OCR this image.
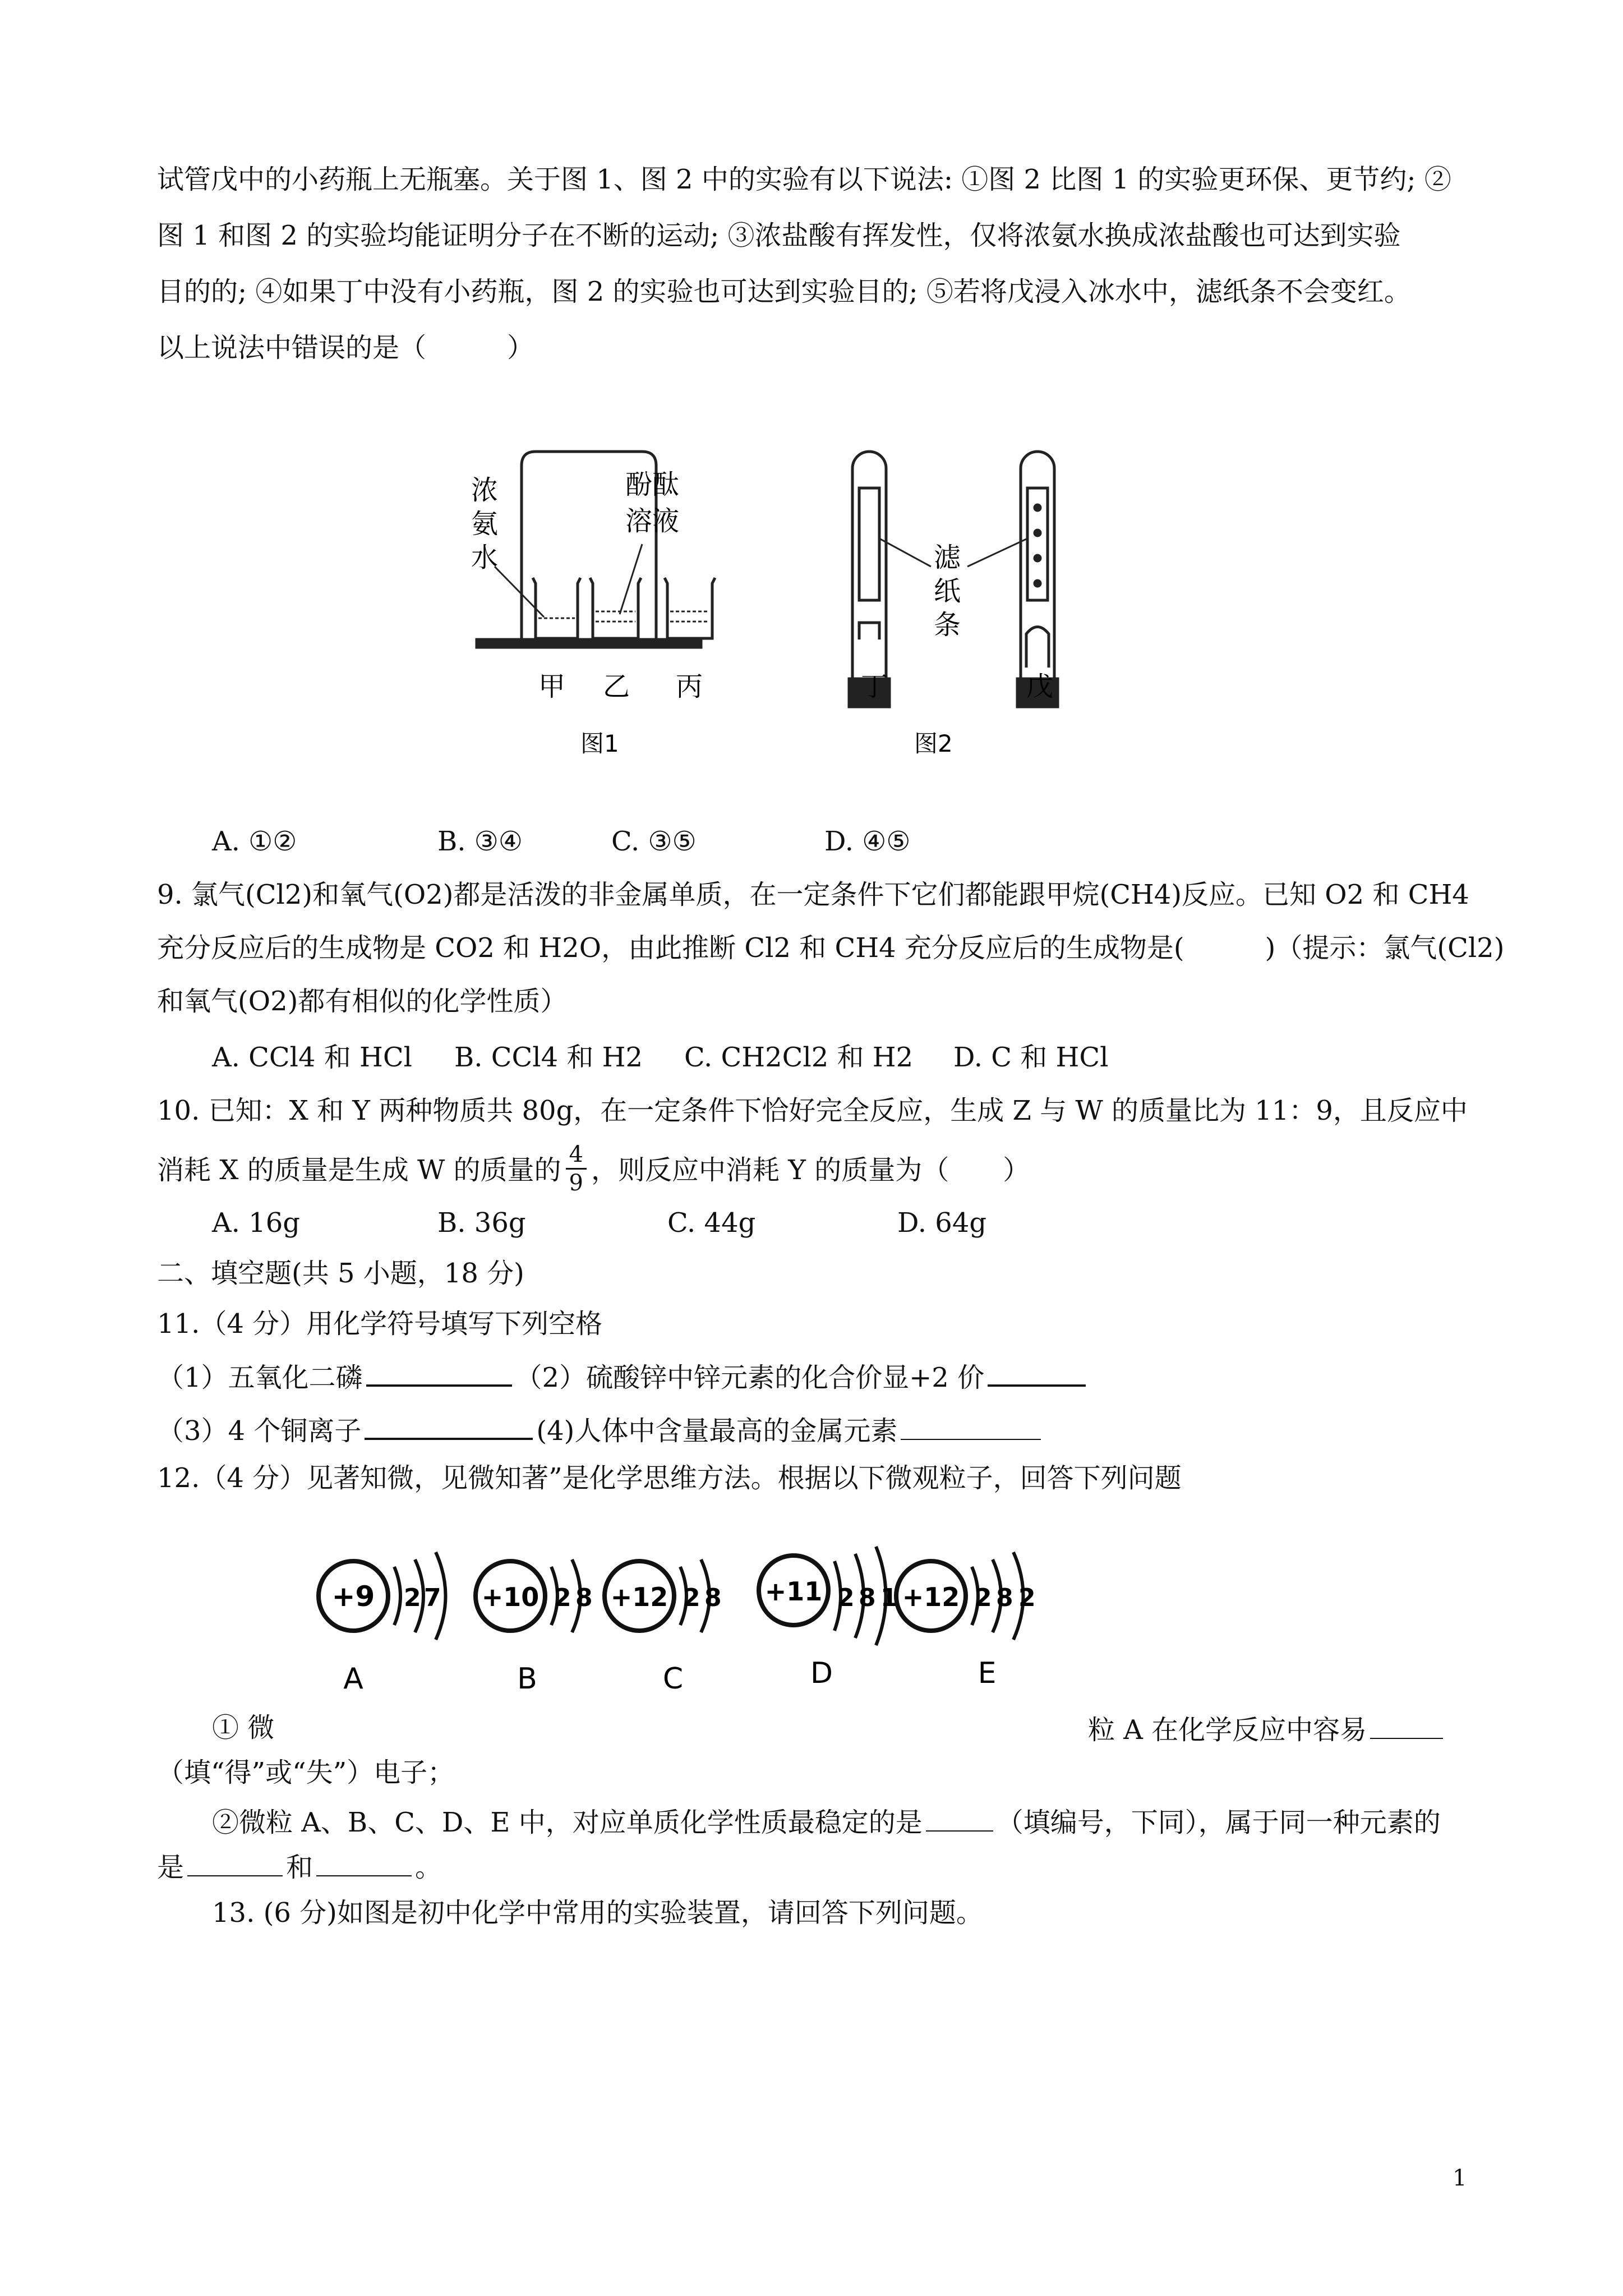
试管戊中的小药瓶上无瓶塞。关于图 1、图 2 中的实验有以下说法: ①图 2 比图 1 的实验更环保、更节约; ②
图 1 和图 2 的实验均能证明分子在不断的运动; ③浓盐酸有挥发性，仅将浓氨水换成浓盐酸也可达到实验
目的的; ④如果丁中没有小药瓶，图 2 的实验也可达到实验目的; ⑤若将戊浸入冰水中，滤纸条不会变红。
以上说法中错误的是（　　　）
浓
氨
水
酚酞
溶液
甲 乙 丙
图1
滤
纸
条
丁	戊
图2
A. ①②	B. ③④	C. ③⑤	D. ④⑤
9. 氯气(Cl2)和氧气(O2)都是活泼的非金属单质，在一定条件下它们都能跟甲烷(CH4)反应。已知 O2 和 CH4
充分反应后的生成物是 CO2 和 H2O，由此推断 Cl2 和 CH4 充分反应后的生成物是(　　　)（提示：氯气(Cl2)
和氧气(O2)都有相似的化学性质）
A. CCl4 和 HCl B. CCl4 和 H2 C. CH2Cl2 和 H2 D. C 和 HCl
10. 已知：X 和 Y 两种物质共 80g，在一定条件下恰好完全反应，生成 Z 与 W 的质量比为 11：9，且反应中
消耗 X 的质量是生成 W 的质量的 $\frac{4}{9}$ ，则反应中消耗 Y 的质量为（　　）
A. 16g	B. 36g	C. 44g	D. 64g
二、填空题(共 5 小题，18 分)
11.（4 分）用化学符号填写下列空格
（1）五氧化二磷	（2）硫酸锌中锌元素的化合价显+2 价
（3）4 个铜离子	(4)人体中含量最高的金属元素
12.（4 分）见著知微，见微知著”是化学思维方法。根据以下微观粒子，回答下列问题
+9 2 7
A
+10 2 8
B
+12 2 8
C
+11 2 8 1
D
+12 2 8 2
E
① 微	粒 A 在化学反应中容易
（填“得”或“失”）电子；
②微粒 A、B、C、D、E 中，对应单质化学性质最稳定的是	（填编号，下同），属于同一种元素的
是	和	。
13. (6 分)如图是初中化学中常用的实验装置，请回答下列问题。
1
